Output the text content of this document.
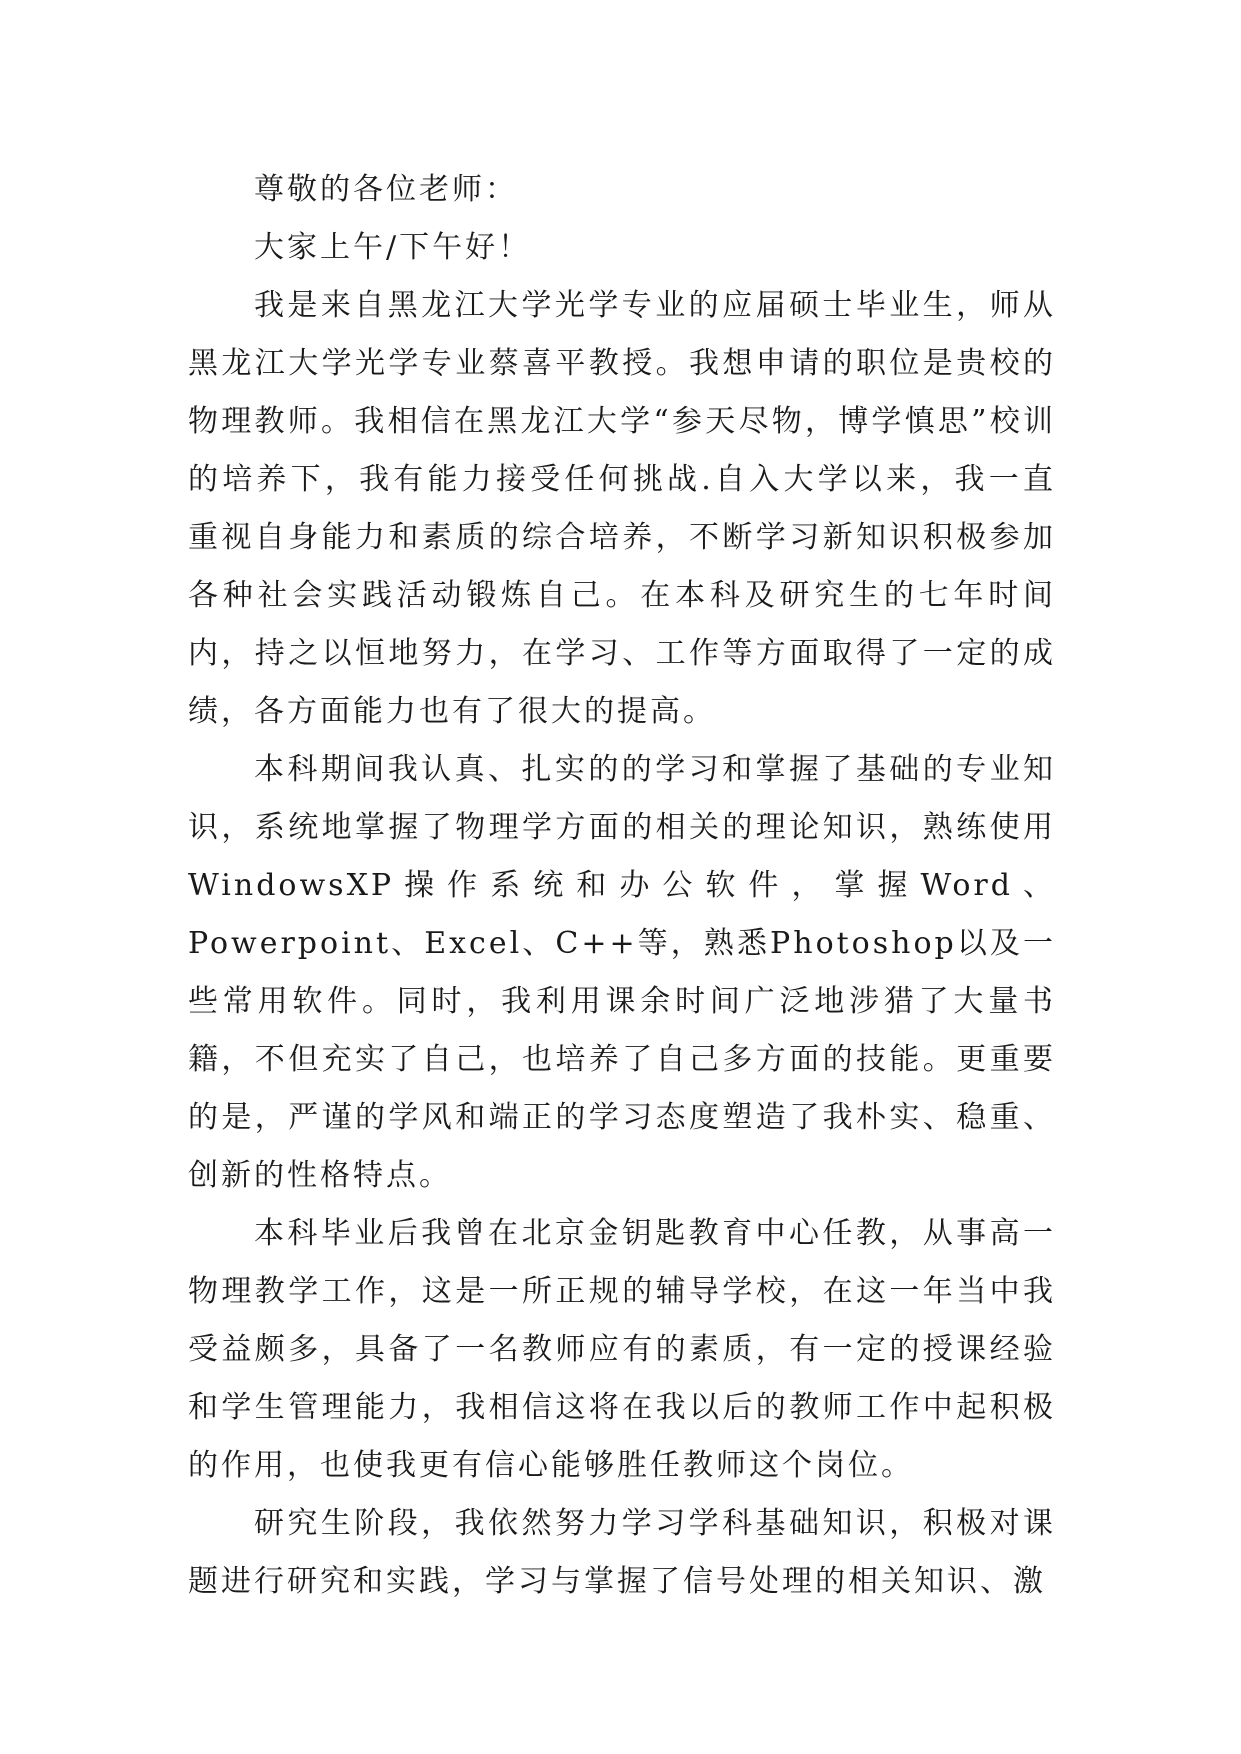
尊敬的各位老师：

大家上午/下午好！

我是来自黑龙江大学光学专业的应届硕士毕业生，师从黑龙江大学光学专业蔡喜平教授。我想申请的职位是贵校的物理教师。我相信在黑龙江大学“参天尽物，博学慎思”校训的培养下，我有能力接受任何挑战.自入大学以来，我一直重视自身能力和素质的综合培养，不断学习新知识积极参加各种社会实践活动锻炼自己。在本科及研究生的七年时间内，持之以恒地努力，在学习、工作等方面取得了一定的成绩，各方面能力也有了很大的提高。

本科期间我认真、扎实的的学习和掌握了基础的专业知识，系统地掌握了物理学方面的相关的理论知识，熟练使用WindowsXP操作系统和办公软件，掌握Word、Powerpoint、Excel、C++等，熟悉Photoshop以及一些常用软件。同时，我利用课余时间广泛地涉猎了大量书籍，不但充实了自己，也培养了自己多方面的技能。更重要的是，严谨的学风和端正的学习态度塑造了我朴实、稳重、创新的性格特点。

本科毕业后我曾在北京金钥匙教育中心任教，从事高一物理教学工作，这是一所正规的辅导学校，在这一年当中我受益颇多，具备了一名教师应有的素质，有一定的授课经验和学生管理能力，我相信这将在我以后的教师工作中起积极的作用，也使我更有信心能够胜任教师这个岗位。

研究生阶段，我依然努力学习学科基础知识，积极对课题进行研究和实践，学习与掌握了信号处理的相关知识、激
